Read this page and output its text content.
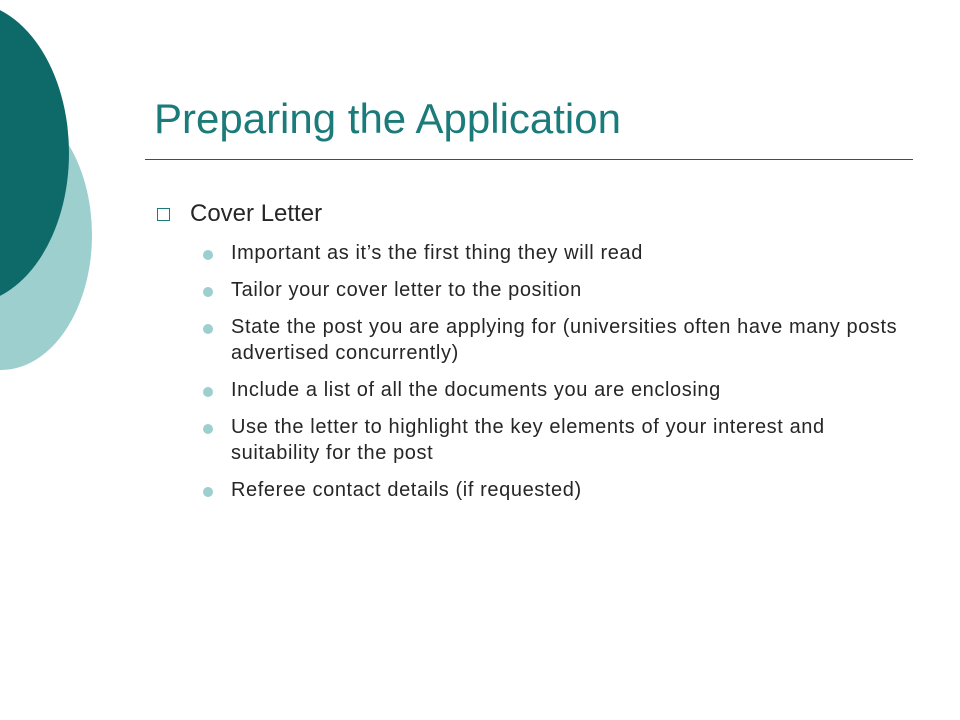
Preparing the Application
Cover Letter
Important as it’s the first thing they will read
Tailor your cover letter to the position
State the post you are applying for (universities often have many posts advertised concurrently)
Include a list of all the documents you are enclosing
Use the letter to highlight the key elements of your interest and suitability for the post
Referee contact details (if requested)
